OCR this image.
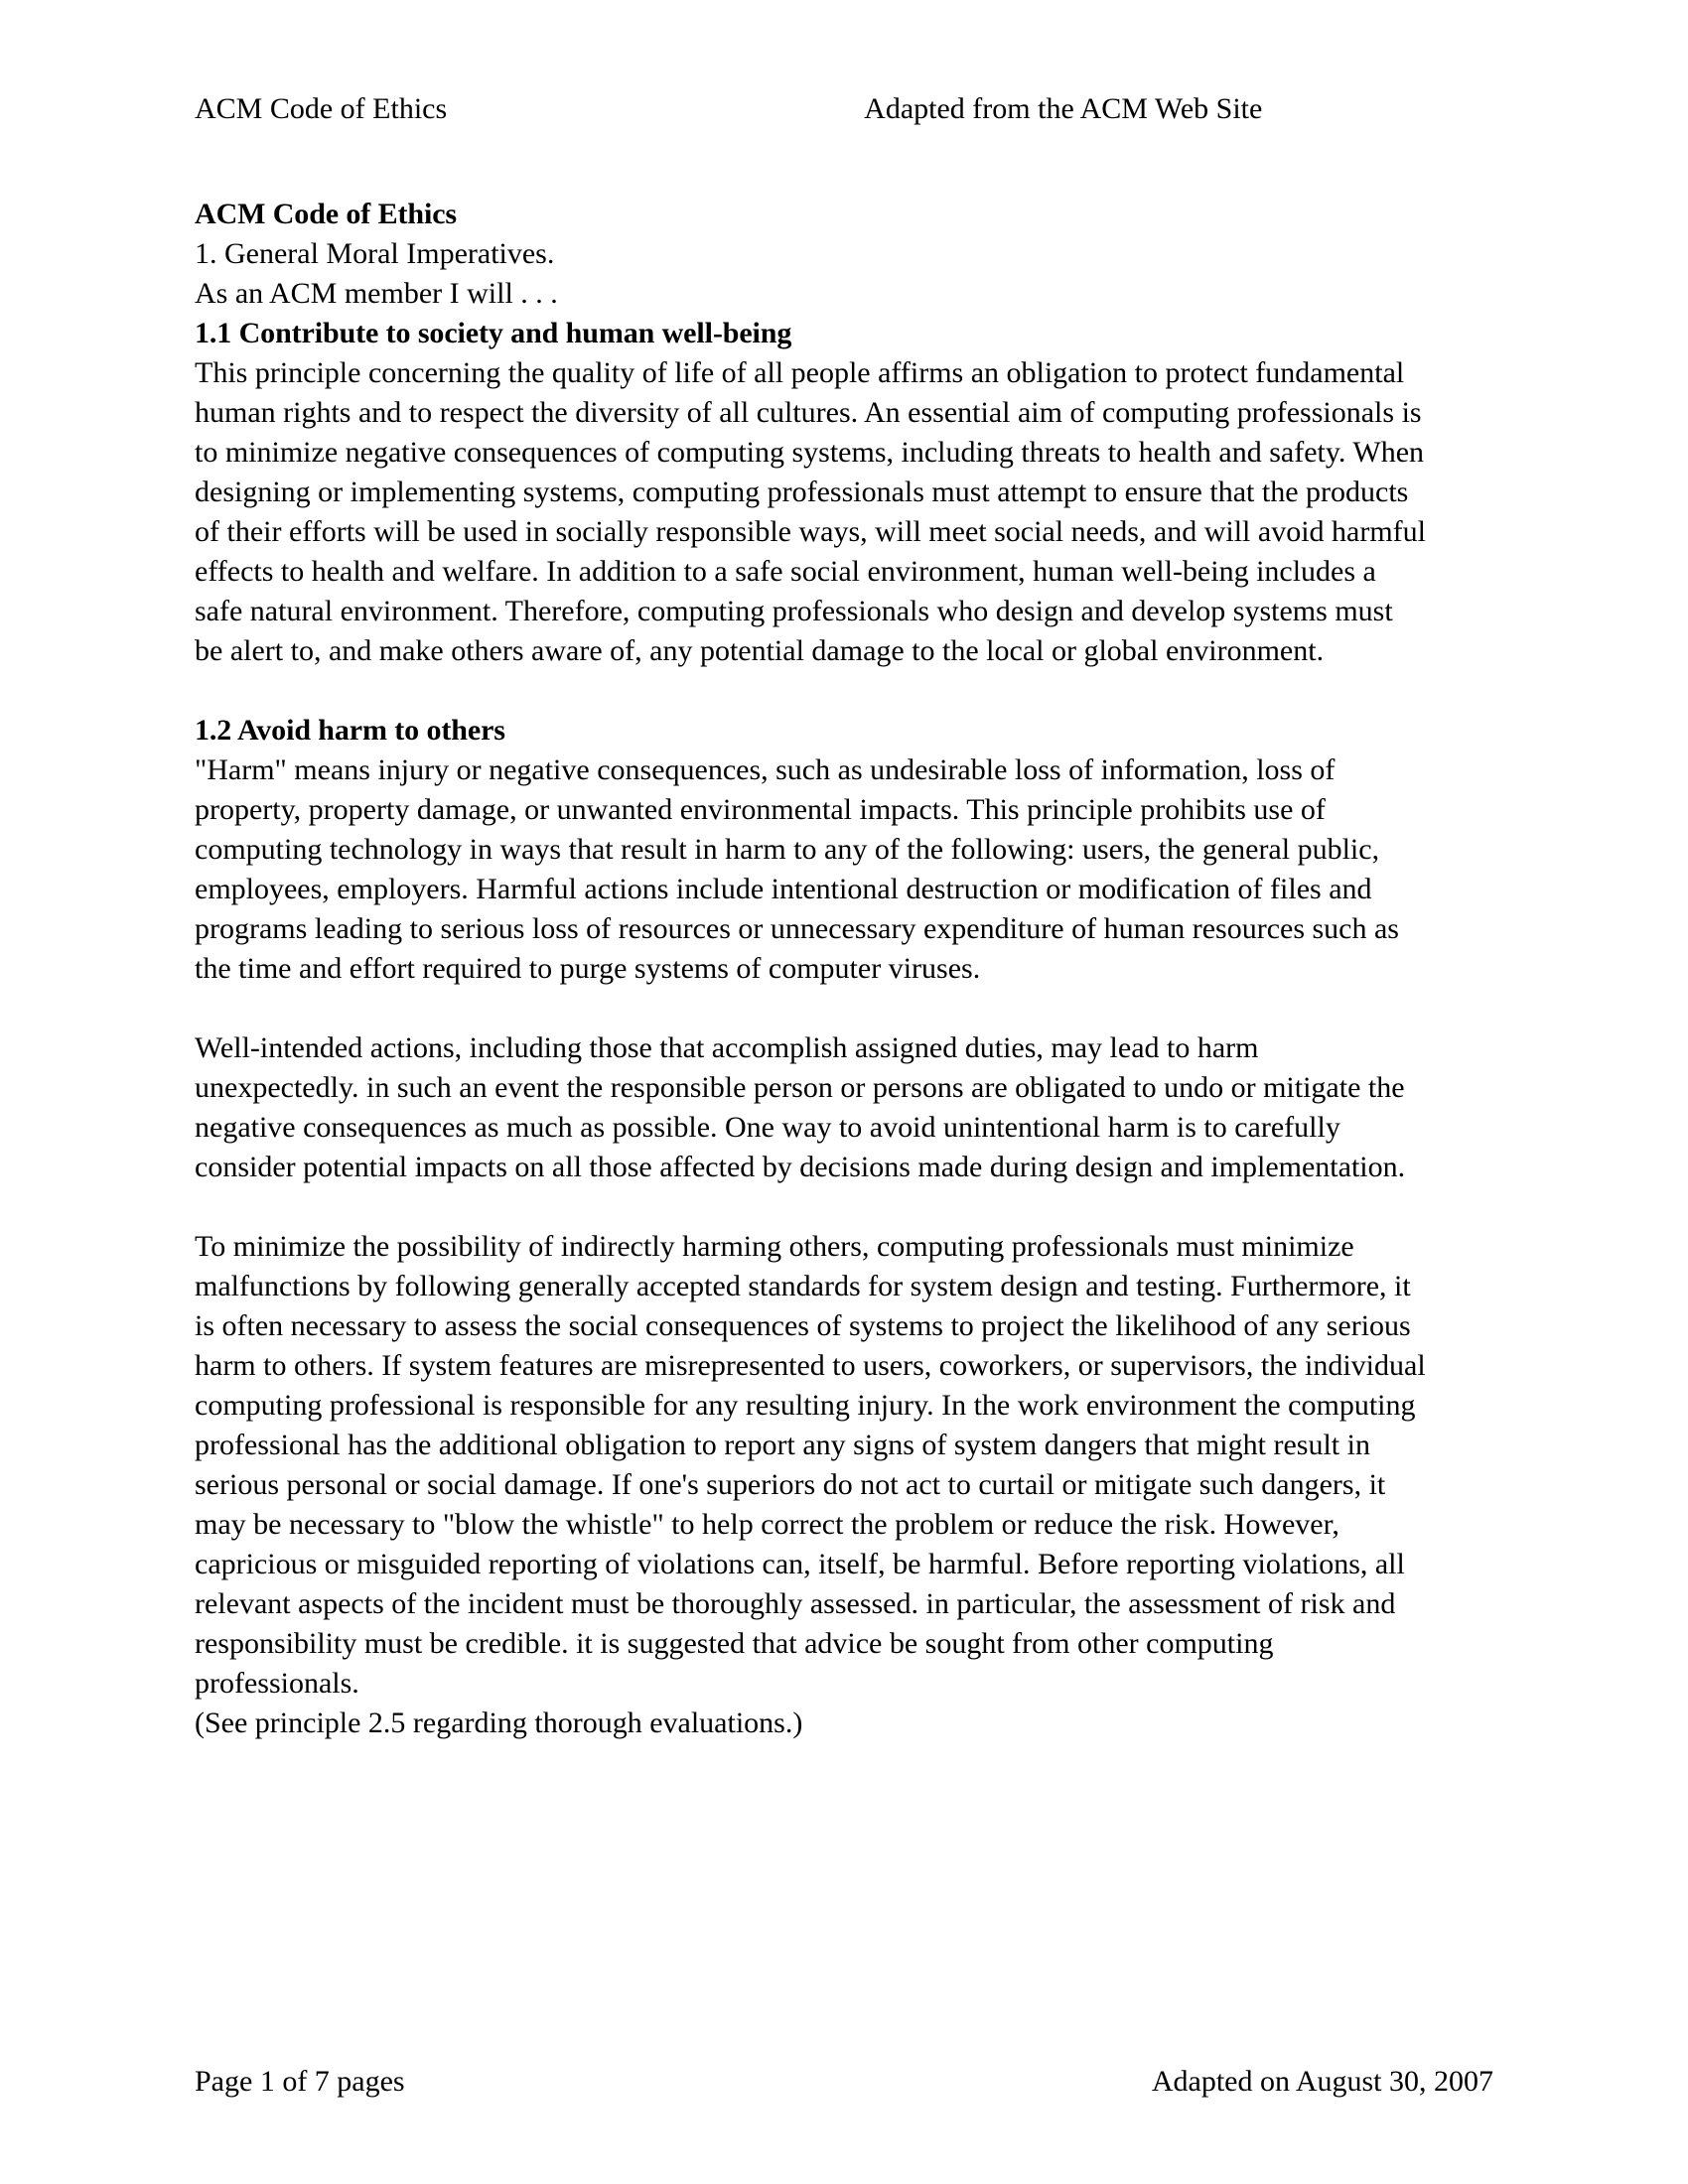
ACM Code of Ethics	Adapted from the ACM Web Site
ACM Code of Ethics
1. General Moral Imperatives.
As an ACM member I will . . .
1.1 Contribute to society and human well-being

This principle concerning the quality of life of all people affirms an obligation to protect fundamental human rights and to respect the diversity of all cultures. An essential aim of computing professionals is to minimize negative consequences of computing systems, including threats to health and safety. When designing or implementing systems, computing professionals must attempt to ensure that the products of their efforts will be used in socially responsible ways, will meet social needs, and will avoid harmful effects to health and welfare. In addition to a safe social environment, human well-being includes a safe natural environment. Therefore, computing professionals who design and develop systems must be alert to, and make others aware of, any potential damage to the local or global environment.

1.2 Avoid harm to others

"Harm" means injury or negative consequences, such as undesirable loss of information, loss of property, property damage, or unwanted environmental impacts. This principle prohibits use of computing technology in ways that result in harm to any of the following: users, the general public, employees, employers. Harmful actions include intentional destruction or modification of files and programs leading to serious loss of resources or unnecessary expenditure of human resources such as the time and effort required to purge systems of computer viruses.

Well-intended actions, including those that accomplish assigned duties, may lead to harm unexpectedly. in such an event the responsible person or persons are obligated to undo or mitigate the negative consequences as much as possible. One way to avoid unintentional harm is to carefully consider potential impacts on all those affected by decisions made during design and implementation.

To minimize the possibility of indirectly harming others, computing professionals must minimize malfunctions by following generally accepted standards for system design and testing. Furthermore, it is often necessary to assess the social consequences of systems to project the likelihood of any serious harm to others. If system features are misrepresented to users, coworkers, or supervisors, the individual computing professional is responsible for any resulting injury. In the work environment the computing professional has the additional obligation to report any signs of system dangers that might result in serious personal or social damage. If one's superiors do not act to curtail or mitigate such dangers, it may be necessary to "blow the whistle" to help correct the problem or reduce the risk. However, capricious or misguided reporting of violations can, itself, be harmful. Before reporting violations, all relevant aspects of the incident must be thoroughly assessed. in particular, the assessment of risk and responsibility must be credible. it is suggested that advice be sought from other computing professionals.

(See principle 2.5 regarding thorough evaluations.)
Page 1 of 7 pages	Adapted on August 30, 2007
